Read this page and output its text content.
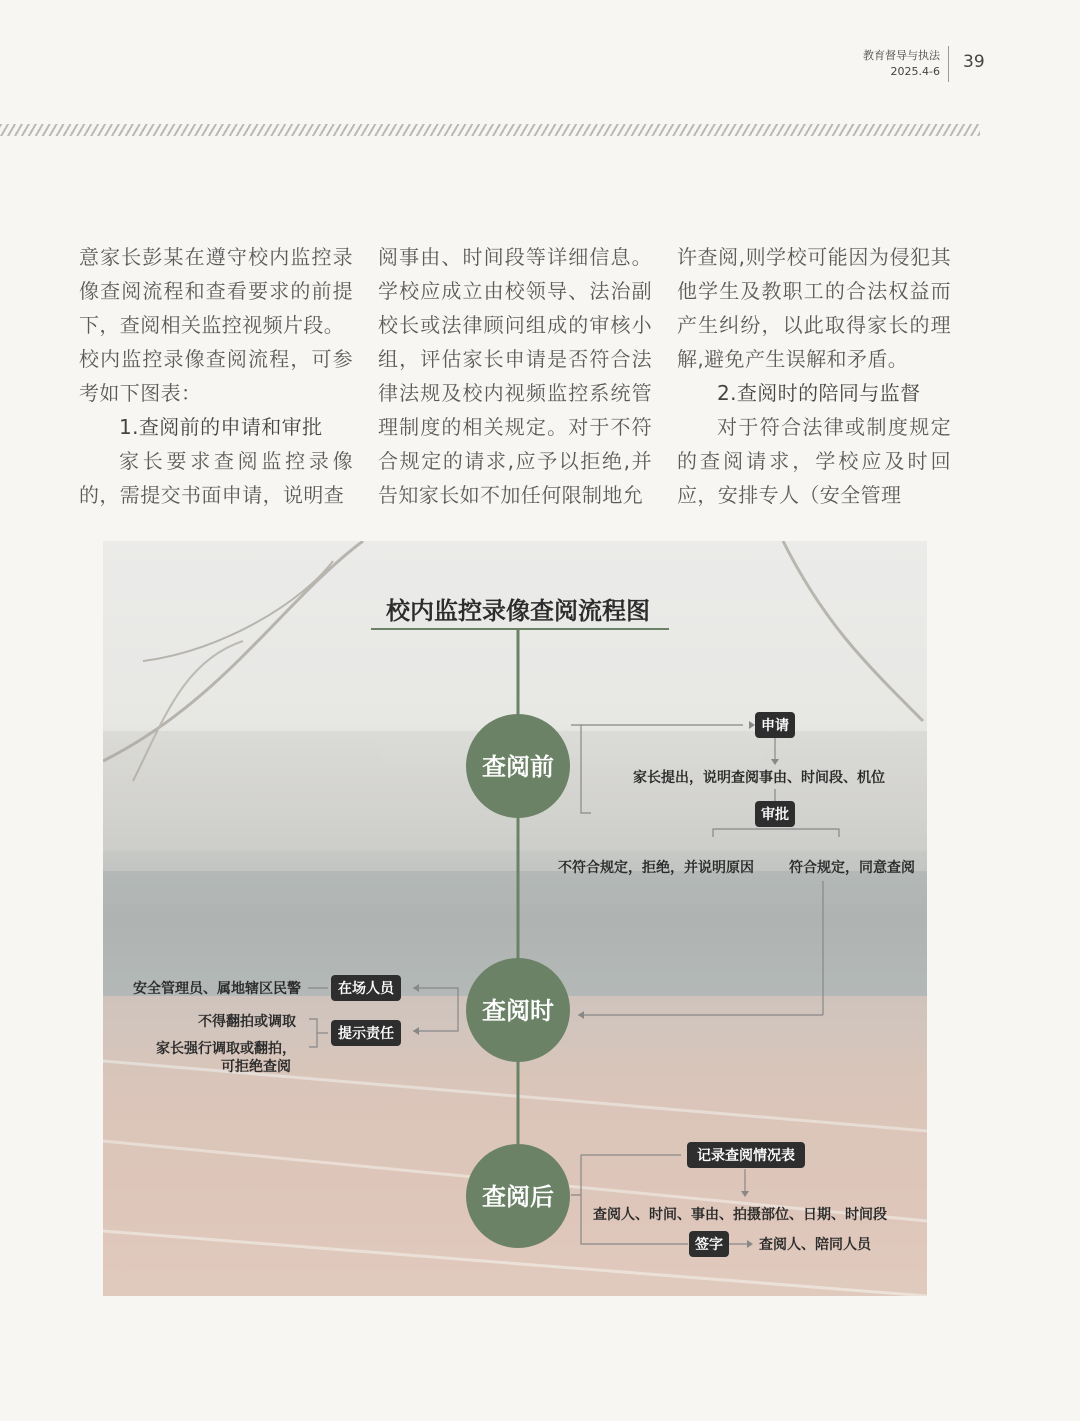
教育督导与执法
2025.4-6 39

意家长彭某在遵守校内监控录像查阅流程和查看要求的前提下，查阅相关监控视频片段。

校内监控录像查阅流程，可参考如下图表：

1.查阅前的申请和审批

家长要求查阅监控录像的，需提交书面申请，说明查

阅事由、时间段等详细信息。学校应成立由校领导、法治副校长或法律顾问组成的审核小组，评估家长申请是否符合法律法规及校内视频监控系统管理制度的相关规定。对于不符合规定的请求,应予以拒绝,并告知家长如不加任何限制地允

许查阅,则学校可能因为侵犯其他学生及教职工的合法权益而产生纠纷，以此取得家长的理解,避免产生误解和矛盾。

2.查阅时的陪同与监督

对于符合法律或制度规定的查阅请求，学校应及时回应，安排专人（安全管理

校内监控录像查阅流程图
查阅前
查阅时
查阅后
申请
家长提出，说明查阅事由、时间段、机位
审批
不符合规定，拒绝，并说明原因	符合规定，同意查阅
安全管理员、属地辖区民警	在场人员
不得翻拍或调取
家长强行调取或翻拍，
可拒绝查阅
提示责任
记录查阅情况表
查阅人、时间、事由、拍摄部位、日期、时间段
签字	查阅人、陪同人员
